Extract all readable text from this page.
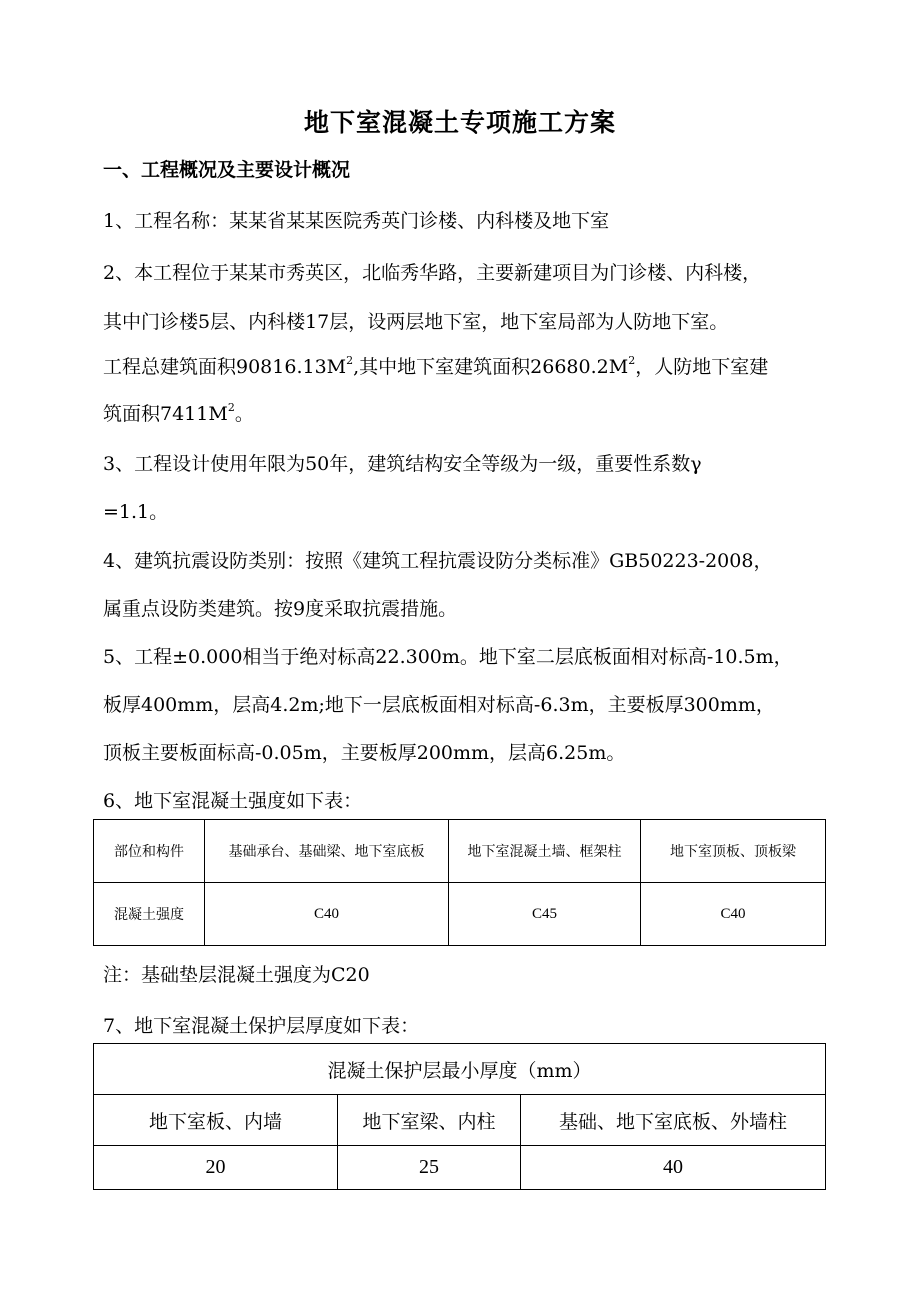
地下室混凝土专项施工方案
一、工程概况及主要设计概况
1、工程名称：某某省某某医院秀英门诊楼、内科楼及地下室
2、本工程位于某某市秀英区，北临秀华路，主要新建项目为门诊楼、内科楼，
其中门诊楼5层、内科楼17层，设两层地下室，地下室局部为人防地下室。
工程总建筑面积$90816.13M^2$,其中地下室建筑面积$26680.2M^2$，人防地下室建
筑面积$7411M^2$。
3、工程设计使用年限为50年，建筑结构安全等级为一级，重要性系数γ
=1.1。
4、建筑抗震设防类别：按照《建筑工程抗震设防分类标准》GB50223-2008，
属重点设防类建筑。按9度采取抗震措施。
5、工程±0.000相当于绝对标高22.300m。地下室二层底板面相对标高-10.5m，
板厚400mm，层高4.2m;地下一层底板面相对标高-6.3m，主要板厚300mm，
顶板主要板面标高-0.05m，主要板厚200mm，层高6.25m。
6、地下室混凝土强度如下表：
部位和构件	基础承台、基础梁、地下室底板	地下室混凝土墙、框架柱	地下室顶板、顶板梁
混凝土强度	C40	C45	C40
注：基础垫层混凝土强度为C20
7、地下室混凝土保护层厚度如下表：
混凝土保护层最小厚度（mm）		
地下室板、内墙	地下室梁、内柱	基础、地下室底板、外墙柱
20	25	40
